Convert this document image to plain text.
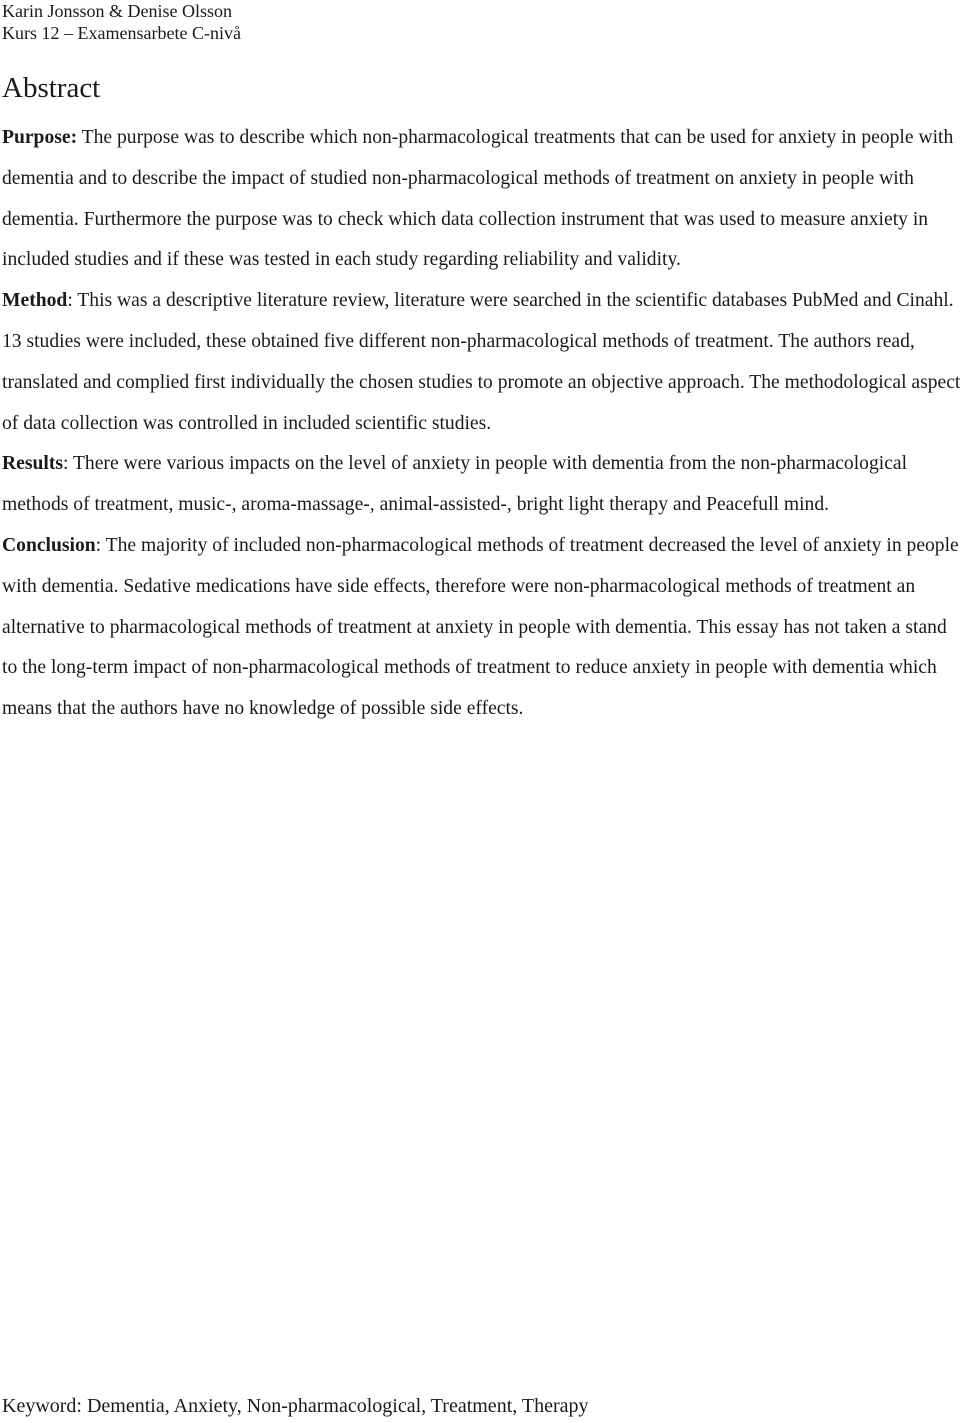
Karin Jonsson & Denise Olsson
Kurs 12 – Examensarbete C-nivå
Abstract

Purpose: The purpose was to describe which non-pharmacological treatments that can be used for anxiety in people with dementia and to describe the impact of studied non-pharmacological methods of treatment on anxiety in people with dementia. Furthermore the purpose was to check which data collection instrument that was used to measure anxiety in included studies and if these was tested in each study regarding reliability and validity.

Method: This was a descriptive literature review, literature were searched in the scientific databases PubMed and Cinahl. 13 studies were included, these obtained five different non-pharmacological methods of treatment. The authors read, translated and complied first individually the chosen studies to promote an objective approach. The methodological aspect of data collection was controlled in included scientific studies.

Results: There were various impacts on the level of anxiety in people with dementia from the non-pharmacological methods of treatment, music-, aroma-massage-, animal-assisted-, bright light therapy and Peacefull mind.

Conclusion: The majority of included non-pharmacological methods of treatment decreased the level of anxiety in people with dementia. Sedative medications have side effects, therefore were non-pharmacological methods of treatment an alternative to pharmacological methods of treatment at anxiety in people with dementia. This essay has not taken a stand to the long-term impact of non-pharmacological methods of treatment to reduce anxiety in people with dementia which means that the authors have no knowledge of possible side effects.

Keyword: Dementia, Anxiety, Non-pharmacological, Treatment, Therapy
